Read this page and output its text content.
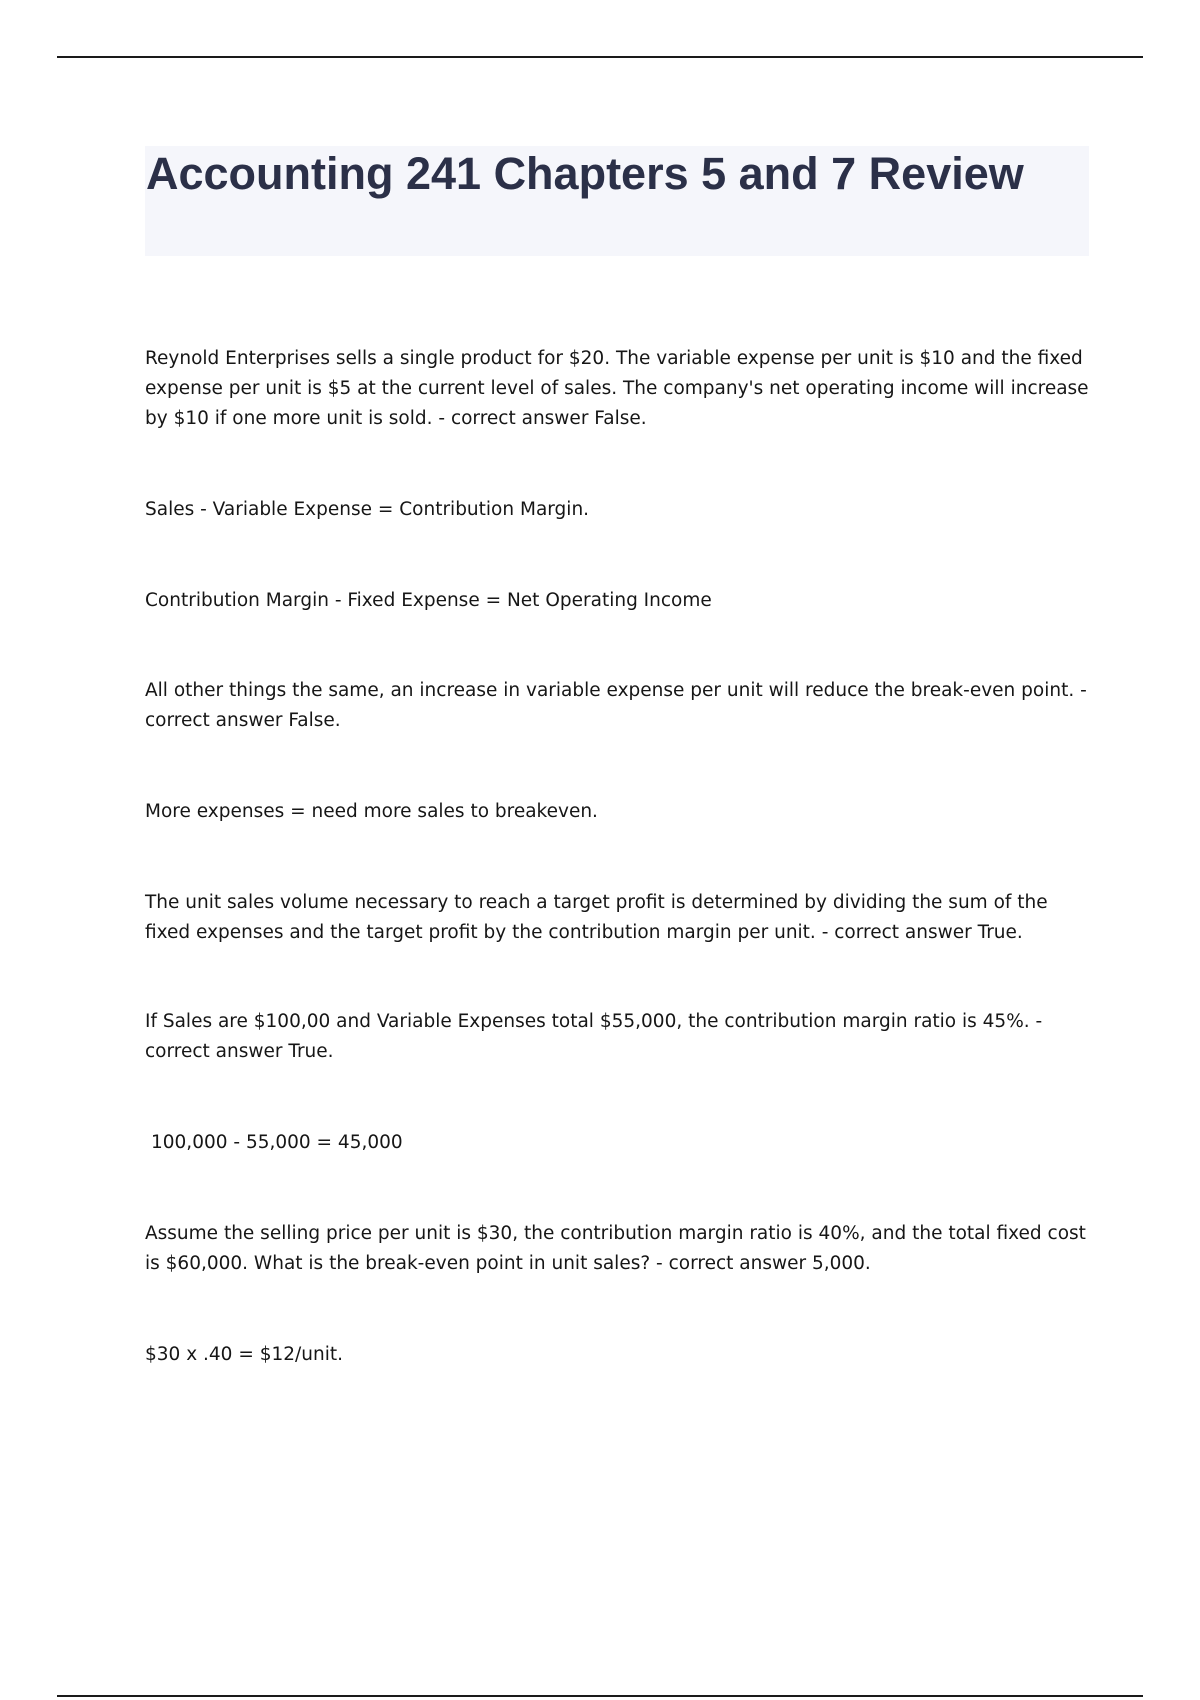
Accounting 241 Chapters 5 and 7 Review

Reynold Enterprises sells a single product for $20. The variable expense per unit is $10 and the fixed expense per unit is $5 at the current level of sales. The company's net operating income will increase by $10 if one more unit is sold. - correct answer False.

Sales - Variable Expense = Contribution Margin.

Contribution Margin - Fixed Expense = Net Operating Income

All other things the same, an increase in variable expense per unit will reduce the break-even point. - correct answer False.

More expenses = need more sales to breakeven.

The unit sales volume necessary to reach a target profit is determined by dividing the sum of the fixed expenses and the target profit by the contribution margin per unit. - correct answer True.

If Sales are $100,00 and Variable Expenses total $55,000, the contribution margin ratio is 45%. - correct answer True.

100,000 - 55,000 = 45,000

Assume the selling price per unit is $30, the contribution margin ratio is 40%, and the total fixed cost is $60,000. What is the break-even point in unit sales? - correct answer 5,000.

$30 x .40 = $12/unit.
